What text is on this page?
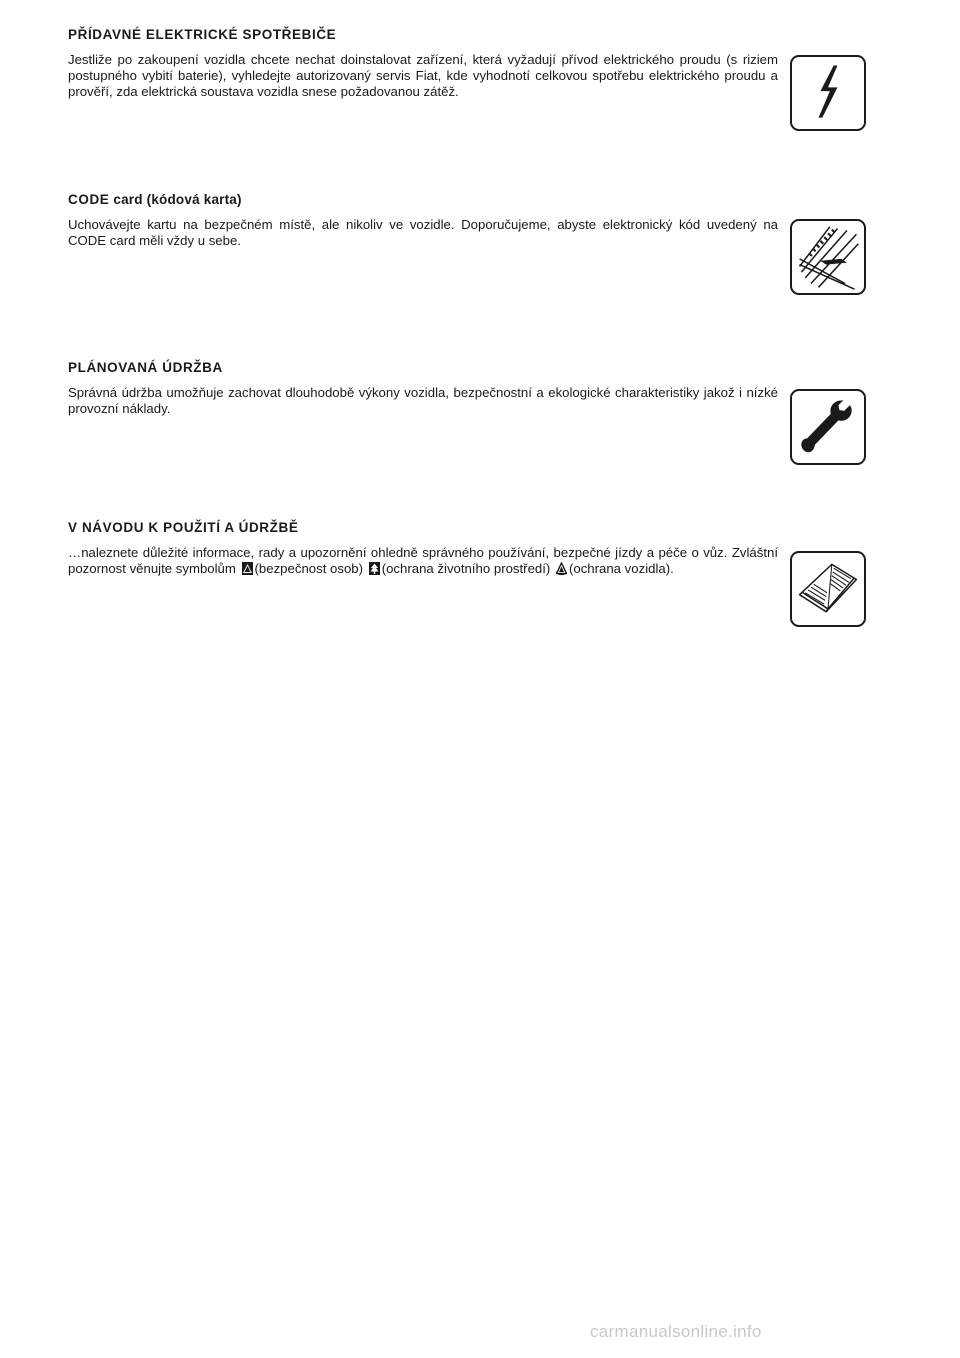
PŘÍDAVNÉ ELEKTRICKÉ SPOTŘEBIČE

Jestliže po zakoupení vozidla chcete nechat doinstalovat zařízení, která vyžadují přívod elektrického proudu (s riziem postupného vybití baterie), vyhledejte autorizovaný servis Fiat, kde vyhodnotí celkovou spotřebu elektrického proudu a prověří, zda elektrická soustava vozidla snese požadovanou zátěž.

CODE card (kódová karta)

Uchovávejte kartu na bezpečném místě, ale nikoliv ve vozidle. Doporučujeme, abyste elektronický kód uvedený na CODE card měli vždy u sebe.

PLÁNOVANÁ ÚDRŽBA

Správná údržba umožňuje zachovat dlouhodobě výkony vozidla, bezpečnostní a ekologické charakteristiky jakož i nízké provozní náklady.

V NÁVODU K POUŽITÍ A ÚDRŽBĚ

…naleznete důležité informace, rady a upozornění ohledně správného používání, bezpečné jízdy a péče o vůz. Zvláštní pozornost věnujte symbolům (bezpečnost osob) (ochrana životního prostředí) (ochrana vozidla).

carmanualsonline.info
